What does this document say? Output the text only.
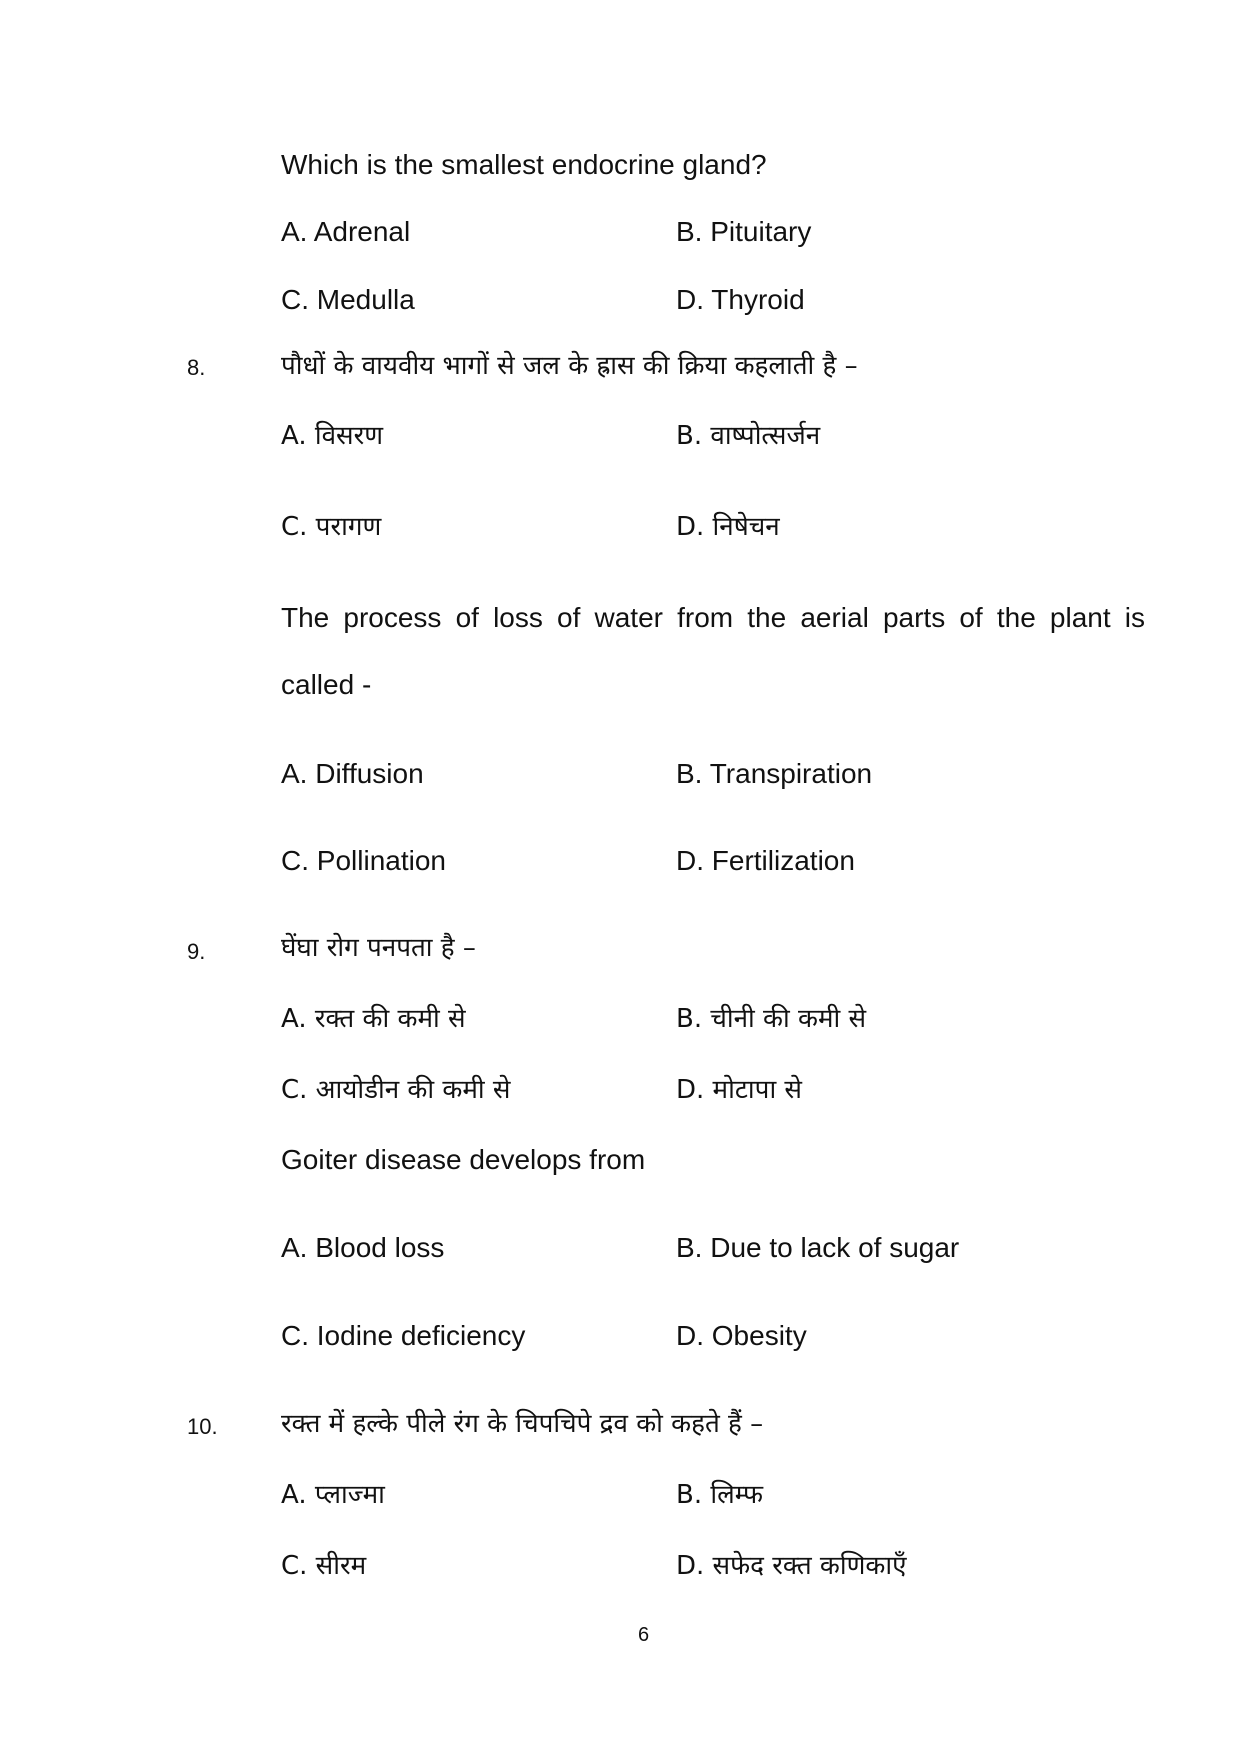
Which is the smallest endocrine gland?
A. Adrenal	B. Pituitary
C. Medulla	D. Thyroid
8.	पौधों के वायवीय भागों से जल के ह्रास की क्रिया कहलाती है –
A. विसरण	B. वाष्पोत्सर्जन
C. परागण	D. निषेचन
The process of loss of water from the aerial parts of the plant is
called -
A. Diffusion	B. Transpiration
C. Pollination	D. Fertilization
9.	घेंघा रोग पनपता है –
A. रक्त की कमी से	B. चीनी की कमी से
C. आयोडीन की कमी से	D. मोटापा से
Goiter disease develops from
A. Blood loss	B. Due to lack of sugar
C. Iodine deficiency	D. Obesity
10. रक्त में हल्के पीले रंग के चिपचिपे द्रव को कहते हैं –
A. प्लाज्मा	B. लिम्फ
C. सीरम	D. सफेद रक्त कणिकाएँ
6
